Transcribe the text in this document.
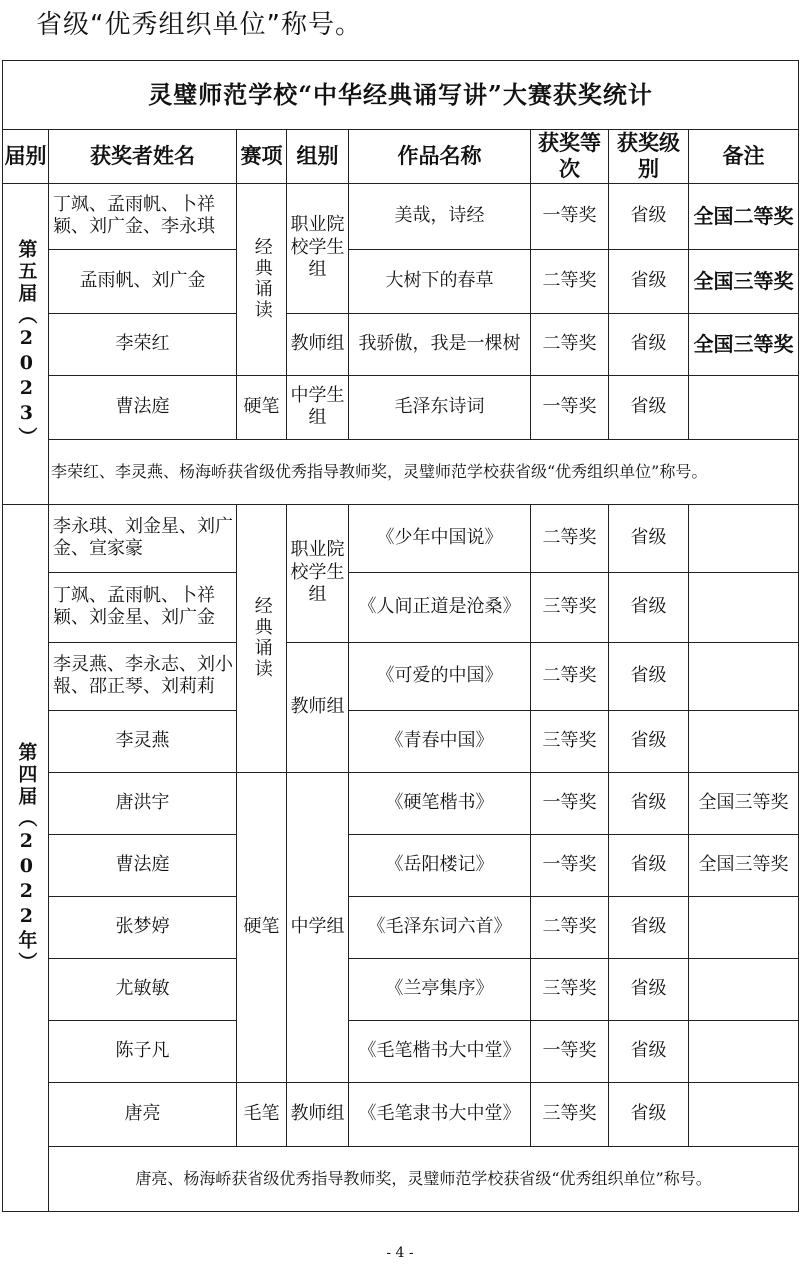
省级“优秀组织单位”称号。
灵璧师范学校“中华经典诵写讲”大赛获奖统计							
届别	获奖者姓名	赛项	组别	作品名称	获奖等次	获奖级别	备注

第五届（2023）	丁飒、孟雨帆、卜祥颖、刘广金、李永琪	经典诵读	职业院校学生组	美哉，诗经	一等奖	省级	全国二等奖
	孟雨帆、刘广金			大树下的春草	二等奖	省级	全国三等奖
	李荣红		教师组	我骄傲，我是一棵树	二等奖	省级	全国三等奖
	曹法庭	硬笔	中学生组	毛泽东诗词	一等奖	省级	
	李荣红、李灵燕、杨海峤获省级优秀指导教师奖，灵璧师范学校获省级“优秀组织单位”称号。						

第四届（2022年）	李永琪、刘金星、刘广金、宣家豪	经典诵读	职业院校学生组	《少年中国说》	二等奖	省级	
	丁飒、孟雨帆、卜祥颖、刘金星、刘广金			《人间正道是沧桑》	三等奖	省级	
	李灵燕、李永志、刘小報、邵正琴、刘莉莉		教师组	《可爱的中国》	二等奖	省级	
	李灵燕			《青春中国》	三等奖	省级	
	唐洪宇	硬笔	中学组	《硬笔楷书》	一等奖	省级	全国三等奖
	曹法庭			《岳阳楼记》	一等奖	省级	全国三等奖
	张梦婷			《毛泽东词六首》	二等奖	省级	
	尤敏敏			《兰亭集序》	三等奖	省级	
	陈子凡			《毛笔楷书大中堂》	一等奖	省级	
	唐亮	毛笔	教师组	《毛笔隶书大中堂》	三等奖	省级	
	唐亮、杨海峤获省级优秀指导教师奖，灵璧师范学校获省级“优秀组织单位”称号。						
- 4 -
